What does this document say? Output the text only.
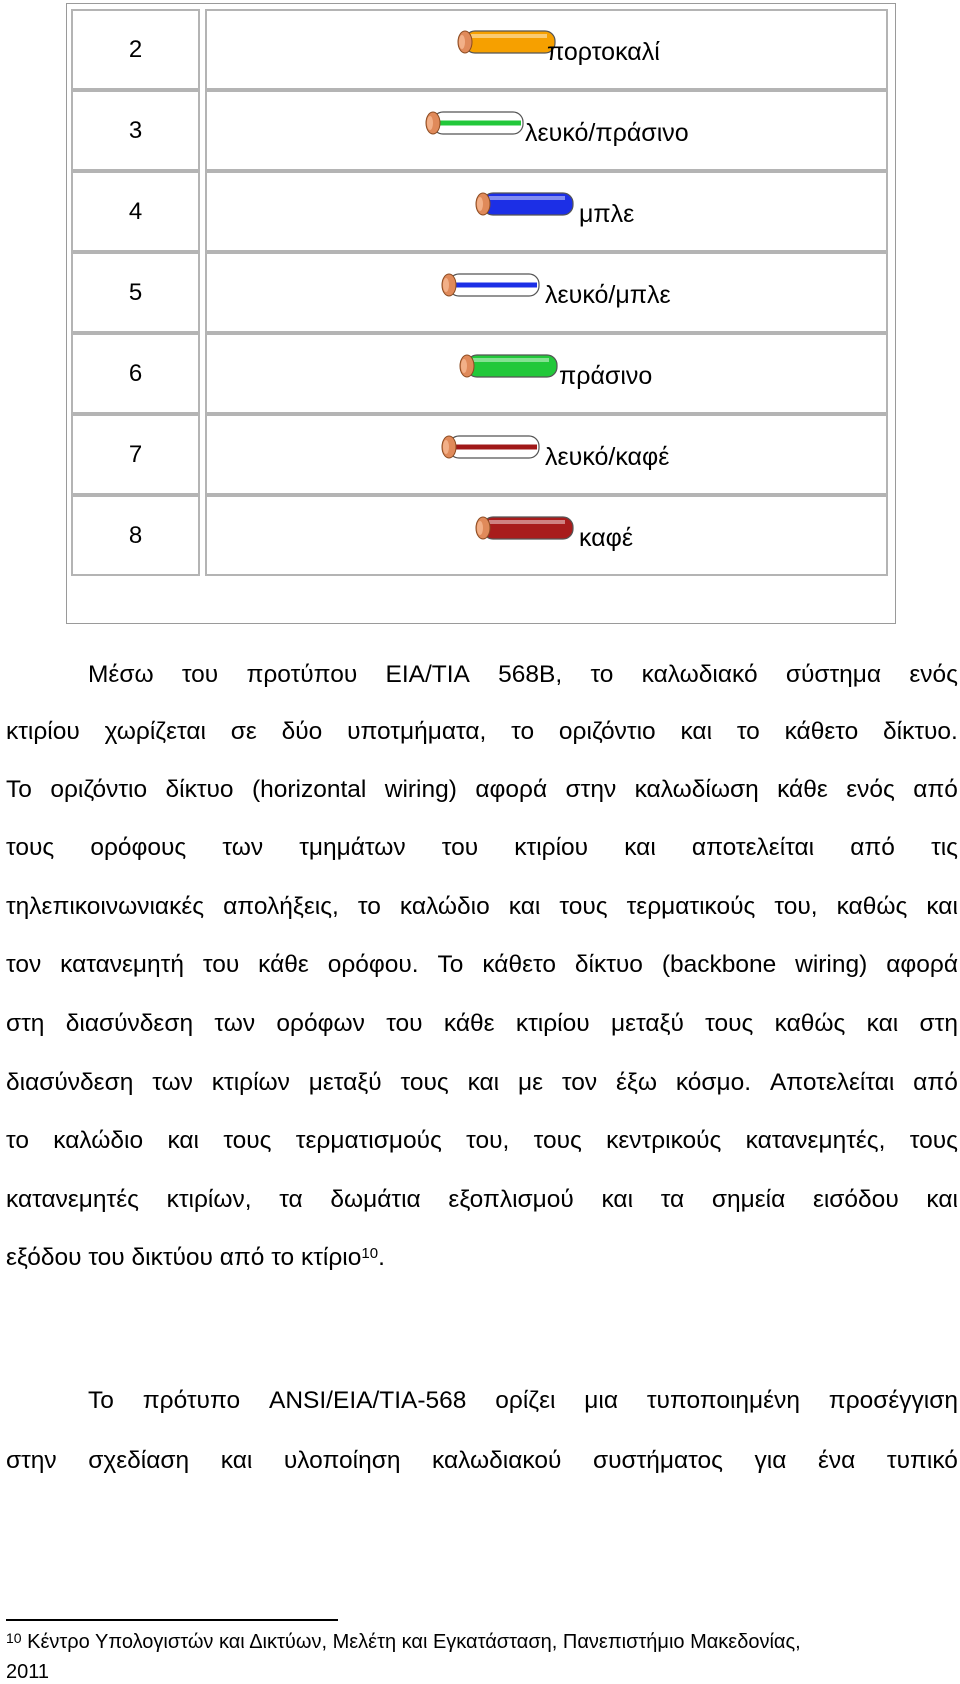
2	πορτοκαλί
3	λευκό/πράσινο
4	μπλε
5	λευκό/μπλε
6	πράσινο
7	λευκό/καφέ
8	καφέ
Μέσω του προτύπου EIA/TIA 568B, το καλωδιακό σύστημα ενός
κτιρίου χωρίζεται σε δύο υποτμήματα, το οριζόντιο και το κάθετο δίκτυο.
Το οριζόντιο δίκτυο (horizontal wiring) αφορά στην καλωδίωση κάθε ενός από
τους ορόφους των τμημάτων του κτιρίου και αποτελείται από τις
τηλεπικοινωνιακές απολήξεις, το καλώδιο και τους τερματικούς του, καθώς και
τον κατανεμητή του κάθε ορόφου. Το κάθετο δίκτυο (backbone wiring) αφορά
στη διασύνδεση των ορόφων του κάθε κτιρίου μεταξύ τους καθώς και στη
διασύνδεση των κτιρίων μεταξύ τους και με τον έξω κόσμο. Αποτελείται από
το καλώδιο και τους τερματισμούς του, τους κεντρικούς κατανεμητές, τους
κατανεμητές κτιρίων, τα δωμάτια εξοπλισμού και τα σημεία εισόδου και
εξόδου του δικτύου από το κτίριο$^{10}$.
Το πρότυπο ANSI/EIA/TIA-568 ορίζει μια τυποποιημένη προσέγγιση
στην σχεδίαση και υλοποίηση καλωδιακού συστήματος για ένα τυπικό
$^{10}$ Κέντρο Υπολογιστών και Δικτύων, Μελέτη και Εγκατάσταση, Πανεπιστήμιο Μακεδονίας,
2011
